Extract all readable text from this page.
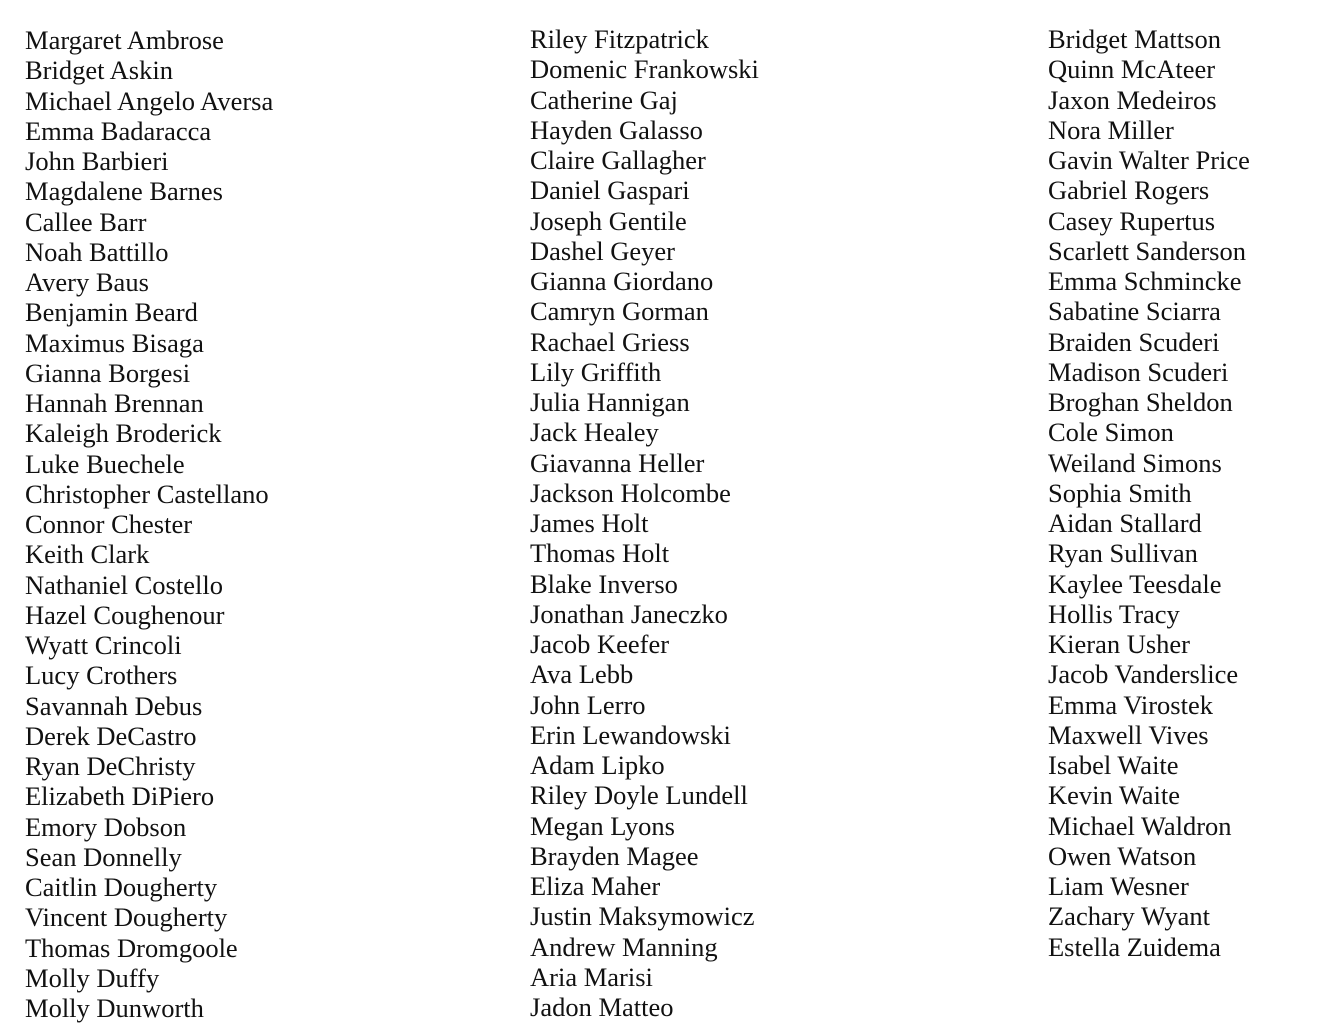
Margaret Ambrose
Bridget Askin
Michael Angelo Aversa
Emma Badaracca
John Barbieri
Magdalene Barnes
Callee Barr
Noah Battillo
Avery Baus
Benjamin Beard
Maximus Bisaga
Gianna Borgesi
Hannah Brennan
Kaleigh Broderick
Luke Buechele
Christopher Castellano
Connor Chester
Keith Clark
Nathaniel Costello
Hazel Coughenour
Wyatt Crincoli
Lucy Crothers
Savannah Debus
Derek DeCastro
Ryan DeChristy
Elizabeth DiPiero
Emory Dobson
Sean Donnelly
Caitlin Dougherty
Vincent Dougherty
Thomas Dromgoole
Molly Duffy
Molly Dunworth
Riley Fitzpatrick
Domenic Frankowski
Catherine Gaj
Hayden Galasso
Claire Gallagher
Daniel Gaspari
Joseph Gentile
Dashel Geyer
Gianna Giordano
Camryn Gorman
Rachael Griess
Lily Griffith
Julia Hannigan
Jack Healey
Giavanna Heller
Jackson Holcombe
James Holt
Thomas Holt
Blake Inverso
Jonathan Janeczko
Jacob Keefer
Ava Lebb
John Lerro
Erin Lewandowski
Adam Lipko
Riley Doyle Lundell
Megan Lyons
Brayden Magee
Eliza Maher
Justin Maksymowicz
Andrew Manning
Aria Marisi
Jadon Matteo
Bridget Mattson
Quinn McAteer
Jaxon Medeiros
Nora Miller
Gavin Walter Price
Gabriel Rogers
Casey Rupertus
Scarlett Sanderson
Emma Schmincke
Sabatine Sciarra
Braiden Scuderi
Madison Scuderi
Broghan Sheldon
Cole Simon
Weiland Simons
Sophia Smith
Aidan Stallard
Ryan Sullivan
Kaylee Teesdale
Hollis Tracy
Kieran Usher
Jacob Vanderslice
Emma Virostek
Maxwell Vives
Isabel Waite
Kevin Waite
Michael Waldron
Owen Watson
Liam Wesner
Zachary Wyant
Estella Zuidema
